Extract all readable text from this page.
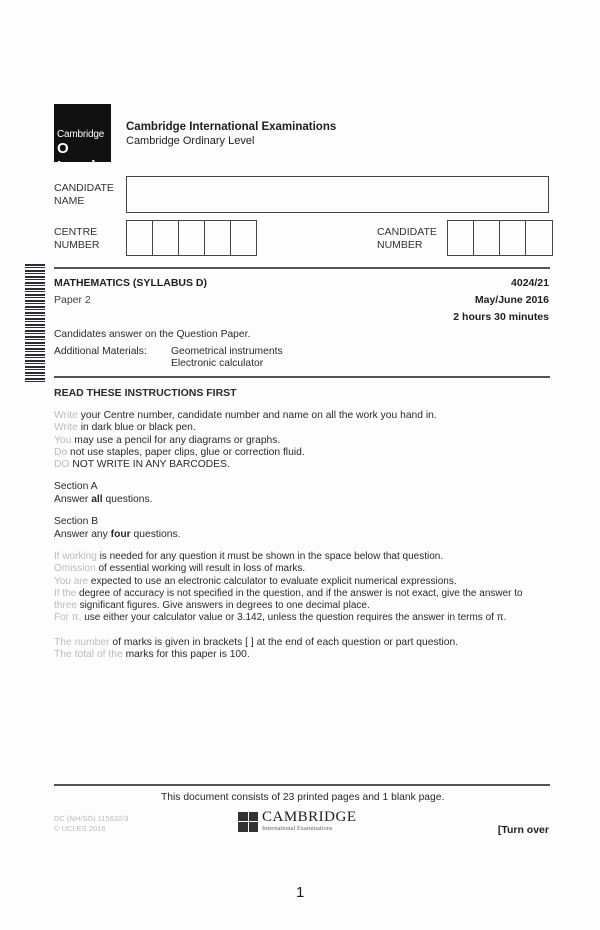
Cambridge
O Level
Cambridge International Examinations
Cambridge Ordinary Level
CANDIDATE
NAME
CENTRE
NUMBER
CANDIDATE
NUMBER
MATHEMATICS (SYLLABUS D)
Paper 2
4024/21
May/June 2016
2 hours 30 minutes
Candidates answer on the Question Paper.
Additional Materials: Geometrical instruments
Electronic calculator
READ THESE INSTRUCTIONS FIRST
Write your Centre number, candidate number and name on all the work you hand in.
Write in dark blue or black pen.
You may use a pencil for any diagrams or graphs.
Do not use staples, paper clips, glue or correction fluid.
DO NOT WRITE IN ANY BARCODES.
Section A
Answer all questions.
Section B
Answer any four questions.
If working is needed for any question it must be shown in the space below that question.
Omission of essential working will result in loss of marks.
You are expected to use an electronic calculator to evaluate explicit numerical expressions.
If the degree of accuracy is not specified in the question, and if the answer is not exact, give the answer to
three significant figures. Give answers in degrees to one decimal place.
For π, use either your calculator value or 3.142, unless the question requires the answer in terms of π.
The number of marks is given in brackets [ ] at the end of each question or part question.
The total of the marks for this paper is 100.
This document consists of 23 printed pages and 1 blank page.
DC (NH/SG) 115632/3
© UCLES 2016
CAMBRIDGE
International Examinations	[Turn over
1
